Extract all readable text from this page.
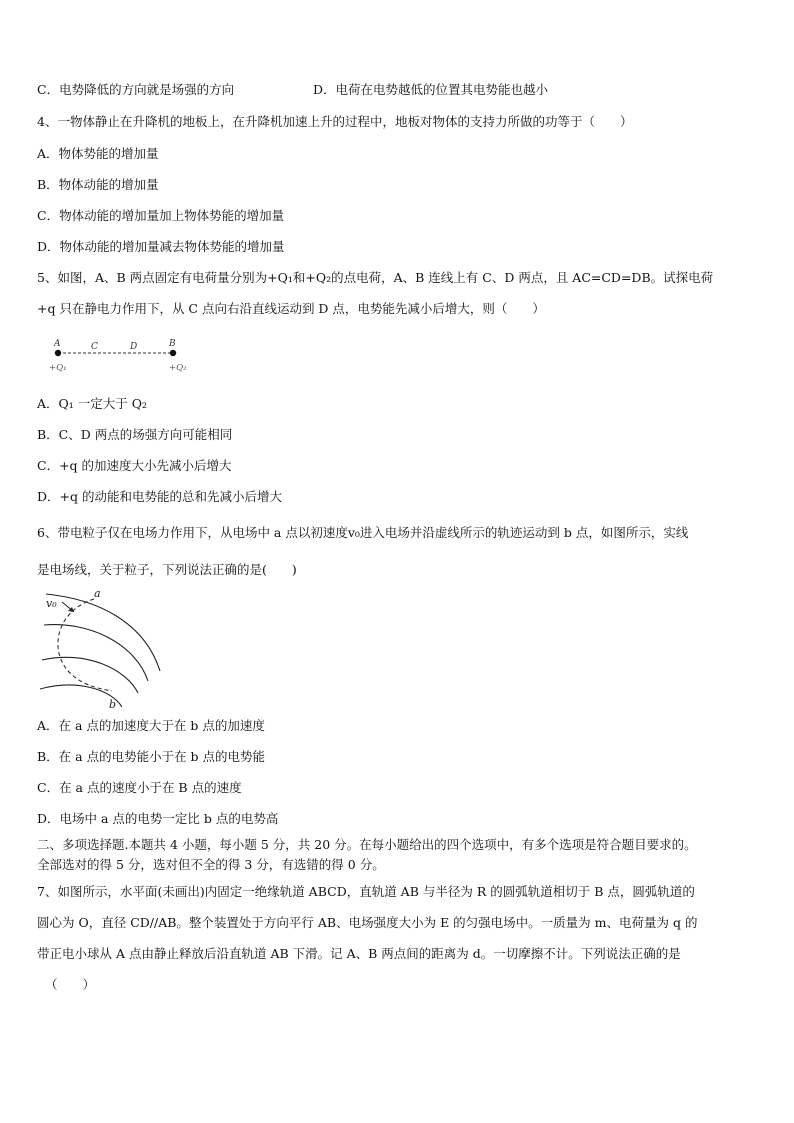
C．电势降低的方向就是场强的方向	D．电荷在电势越低的位置其电势能也越小
4、一物体静止在升降机的地板上，在升降机加速上升的过程中，地板对物体的支持力所做的功等于（　　）
A．物体势能的增加量
B．物体动能的增加量
C．物体动能的增加量加上物体势能的增加量
D．物体动能的增加量减去物体势能的增加量
5、如图，A、B 两点固定有电荷量分别为+Q₁和+Q₂的点电荷，A、B 连线上有 C、D 两点，且 AC=CD=DB。试探电荷
+q 只在静电力作用下，从 C 点向右沿直线运动到 D 点，电势能先减小后增大，则（　　）
A	C	D	B
+Q₁	+Q₂
A．Q₁ 一定大于 Q₂
B．C、D 两点的场强方向可能相同
C．+q 的加速度大小先减小后增大
D．+q 的动能和电势能的总和先减小后增大
6、带电粒子仅在电场力作用下，从电场中 a 点以初速度v₀进入电场并沿虚线所示的轨迹运动到 b 点，如图所示，实线
是电场线，关于粒子，下列说法正确的是(　　)
v₀
a
b
A．在 a 点的加速度大于在 b 点的加速度
B．在 a 点的电势能小于在 b 点的电势能
C．在 a 点的速度小于在 B 点的速度
D．电场中 a 点的电势一定比 b 点的电势高
二、多项选择题.本题共 4 小题，每小题 5 分，共 20 分。在每小题给出的四个选项中，有多个选项是符合题目要求的。
全部选对的得 5 分，选对但不全的得 3 分，有选错的得 0 分。
7、如图所示，水平面(未画出)内固定一绝缘轨道 ABCD，直轨道 AB 与半径为 R 的圆弧轨道相切于 B 点，圆弧轨道的
圆心为 O，直径 CD//AB。整个装置处于方向平行 AB、电场强度大小为 E 的匀强电场中。一质量为 m、电荷量为 q 的
带正电小球从 A 点由静止释放后沿直轨道 AB 下滑。记 A、B 两点间的距离为 d。一切摩擦不计。下列说法正确的是
（　　）
